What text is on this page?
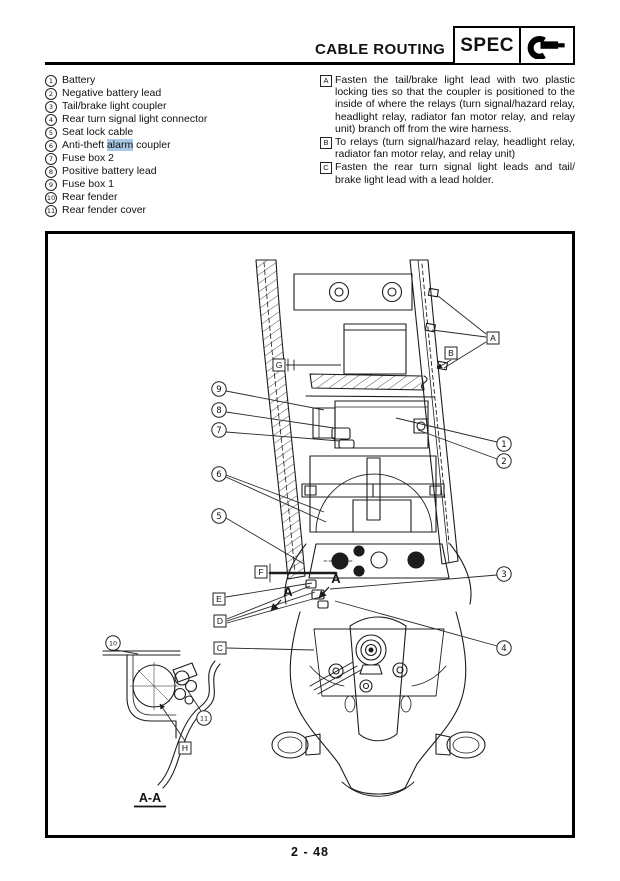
CABLE ROUTING SPEC
1 Battery
2 Negative battery lead
3 Tail/brake light coupler
4 Rear turn signal light connector
5 Seat lock cable
6 Anti-theft alarm coupler
7 Fuse box 2
8 Positive battery lead
9 Fuse box 1
10 Rear fender
11 Rear fender cover
A Fasten the tail/brake light lead with two plastic locking ties so that the coupler is positioned to the inside of where the relays (turn signal/hazard relay, headlight relay, radiator fan motor relay, and relay unit) branch off from the wire harness.
B To relays (turn signal/hazard relay, headlight relay, radiator fan motor relay, and relay unit)
C Fasten the rear turn signal light leads and tail/ brake light lead with a lead holder.
9
8
7
6
5
1
2
3
4
10
11
A
B
G
F
E
D
C
H
A
A
A-A
2 - 48
